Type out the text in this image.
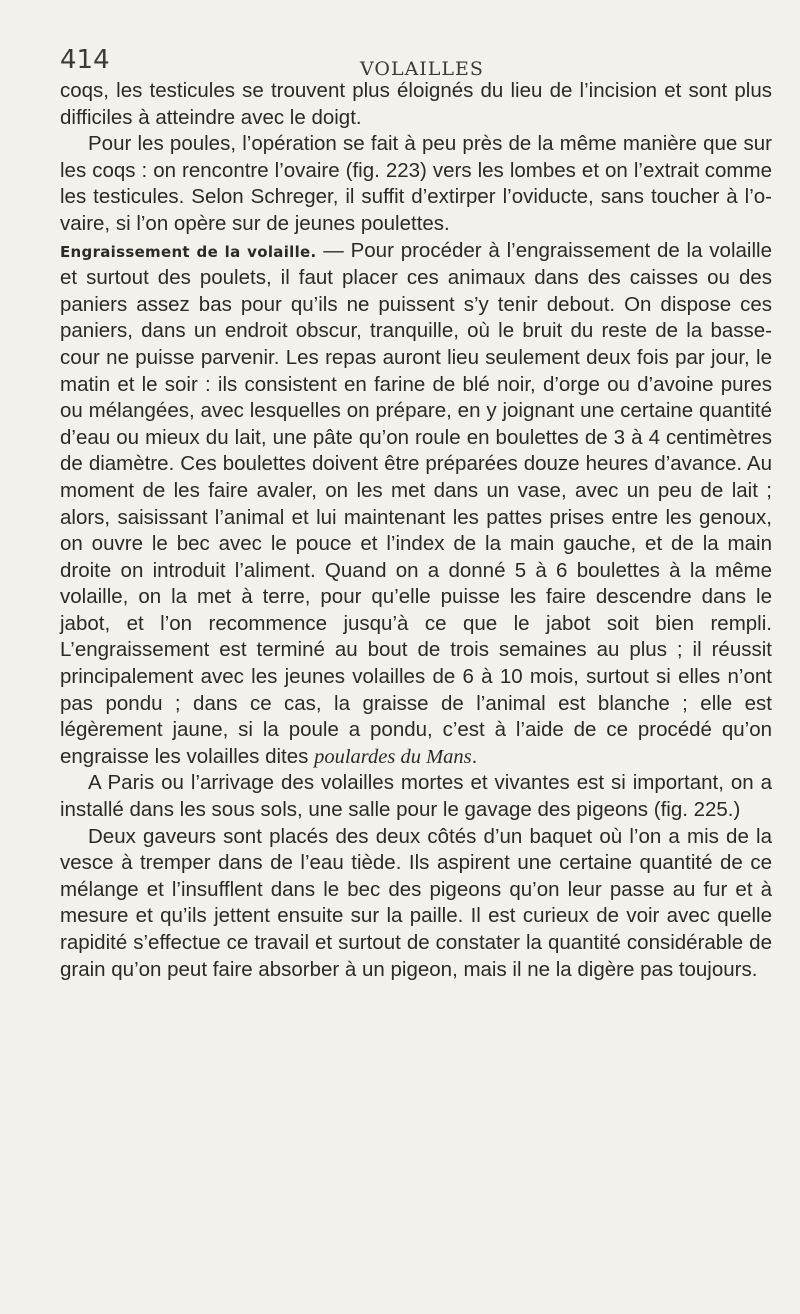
414	VOLAILLES

coqs, les testicules se trouvent plus éloignés du lieu de l’incision et sont plus difficiles à atteindre avec le doigt.

Pour les poules, l’opération se fait à peu près de la même manière que sur les coqs : on rencontre l’ovaire (fig. 223) vers les lombes et on l’extrait comme les testicules. Selon Schreger, il suffit d’extirper l’oviducte, sans toucher à l’ovaire, si l’on opère sur de jeunes poulettes.

Engraissement de la volaille. — Pour procéder à l’engraissement de la volaille et surtout des poulets, il faut placer ces animaux dans des caisses ou des paniers assez bas pour qu’ils ne puissent s’y tenir debout. On dispose ces paniers, dans un endroit obscur, tranquille, où le bruit du reste de la basse-cour ne puisse parvenir. Les repas auront lieu seulement deux fois par jour, le matin et le soir : ils consistent en farine de blé noir, d’orge ou d’avoine pures ou mélangées, avec lesquelles on prépare, en y joignant une certaine quantité d’eau ou mieux du lait, une pâte qu’on roule en boulettes de 3 à 4 centimètres de diamètre. Ces boulettes doivent être préparées douze heures d’avance. Au moment de les faire avaler, on les met dans un vase, avec un peu de lait ; alors, saisissant l’animal et lui maintenant les pattes prises entre les genoux, on ouvre le bec avec le pouce et l’index de la main gauche, et de la main droite on introduit l’aliment. Quand on a donné 5 à 6 boulettes à la même volaille, on la met à terre, pour qu’elle puisse les faire descendre dans le jabot, et l’on recommence jusqu’à ce que le jabot soit bien rempli. L’engraissement est terminé au bout de trois semaines au plus ; il réussit principalement avec les jeunes volailles de 6 à 10 mois, surtout si elles n’ont pas pondu ; dans ce cas, la graisse de l’animal est blanche ; elle est légèrement jaune, si la poule a pondu, c’est à l’aide de ce procédé qu’on engraisse les volailles dites poulardes du Mans.

A Paris ou l’arrivage des volailles mortes et vivantes est si important, on a installé dans les sous sols, une salle pour le gavage des pigeons (fig. 225.)

Deux gaveurs sont placés des deux côtés d’un baquet où l’on a mis de la vesce à tremper dans de l’eau tiède. Ils aspirent une certaine quantité de ce mélange et l’insufflent dans le bec des pigeons qu’on leur passe au fur et à mesure et qu’ils jettent ensuite sur la paille. Il est curieux de voir avec quelle rapidité s’effectue ce travail et surtout de constater la quantité considérable de grain qu’on peut faire absorber à un pigeon, mais il ne la digère pas toujours.
